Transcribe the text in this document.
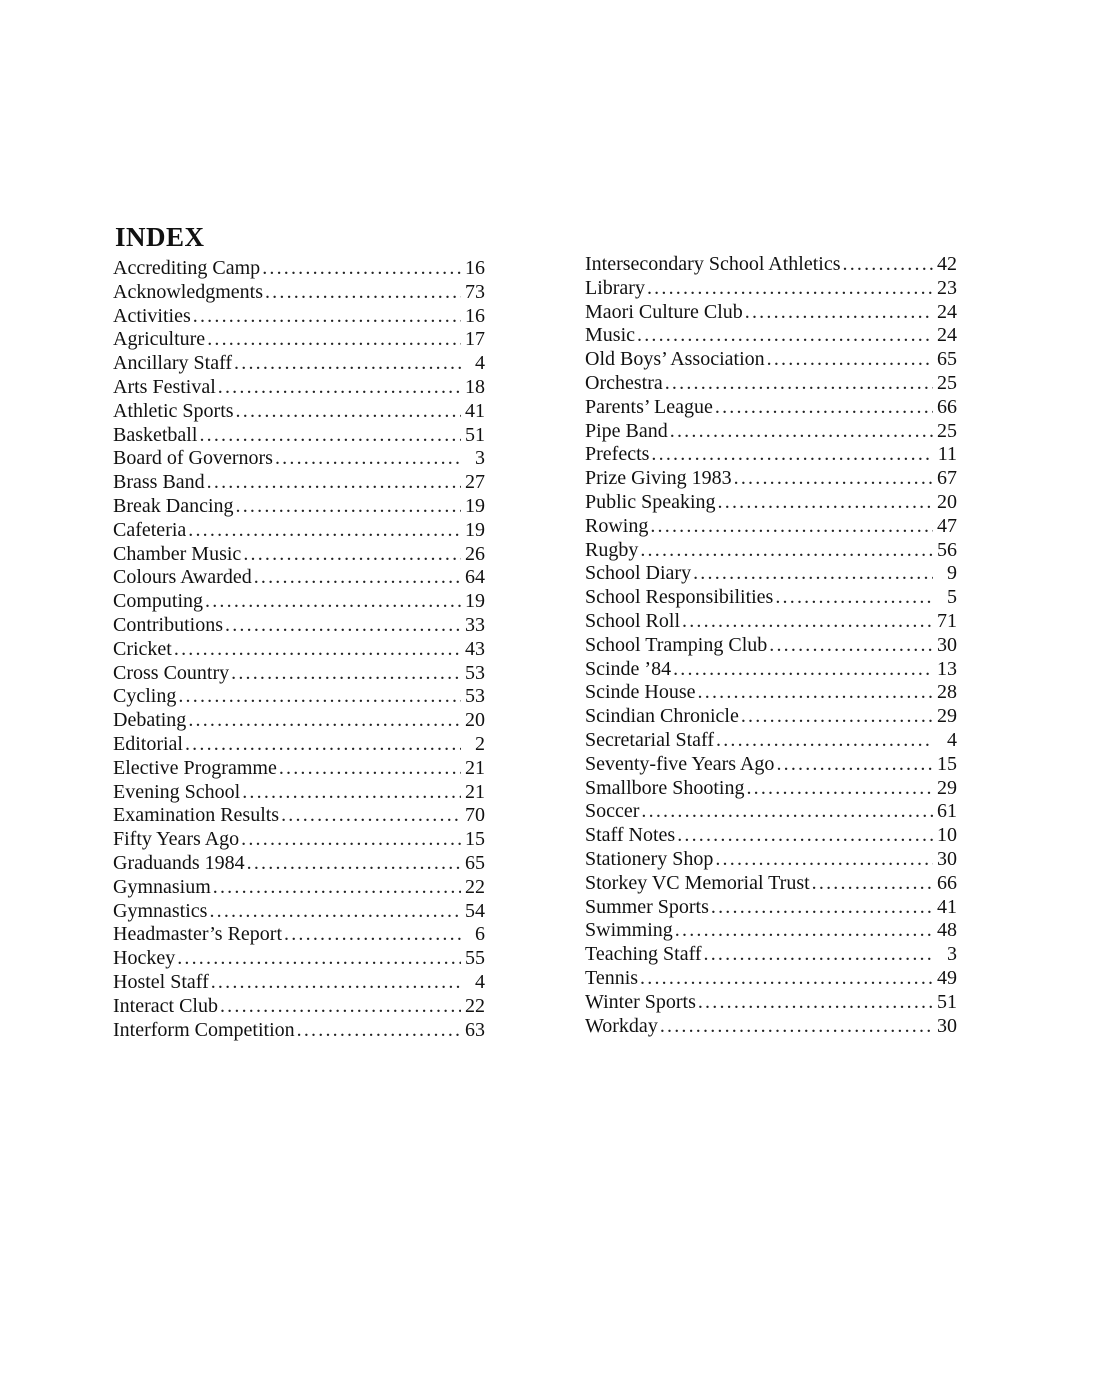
INDEX
Accrediting Camp .....	16
Acknowledgments .....	73
Activities .....	16
Agriculture .....	17
Ancillary Staff .....	4
Arts Festival .....	18
Athletic Sports .....	41
Basketball .....	51
Board of Governors .....	3
Brass Band .....	27
Break Dancing .....	19
Cafeteria .....	19
Chamber Music .....	26
Colours Awarded .....	64
Computing .....	19
Contributions .....	33
Cricket .....	43
Cross Country .....	53
Cycling .....	53
Debating .....	20
Editorial .....	2
Elective Programme .....	21
Evening School .....	21
Examination Results .....	70
Fifty Years Ago .....	15
Graduands 1984 .....	65
Gymnasium .....	22
Gymnastics .....	54
Headmaster’s Report .....	6
Hockey .....	55
Hostel Staff .....	4
Interact Club .....	22
Interform Competition .....	63
Intersecondary School Athletics .....	42
Library .....	23
Maori Culture Club .....	24
Music .....	24
Old Boys’ Association .....	65
Orchestra .....	25
Parents’ League .....	66
Pipe Band .....	25
Prefects .....	11
Prize Giving 1983 .....	67
Public Speaking .....	20
Rowing .....	47
Rugby .....	56
School Diary .....	9
School Responsibilities .....	5
School Roll .....	71
School Tramping Club .....	30
Scinde ’84 .....	13
Scinde House .....	28
Scindian Chronicle .....	29
Secretarial Staff .....	4
Seventy-five Years Ago .....	15
Smallbore Shooting .....	29
Soccer .....	61
Staff Notes .....	10
Stationery Shop .....	30
Storkey VC Memorial Trust .....	66
Summer Sports .....	41
Swimming .....	48
Teaching Staff .....	3
Tennis .....	49
Winter Sports .....	51
Workday .....	30
